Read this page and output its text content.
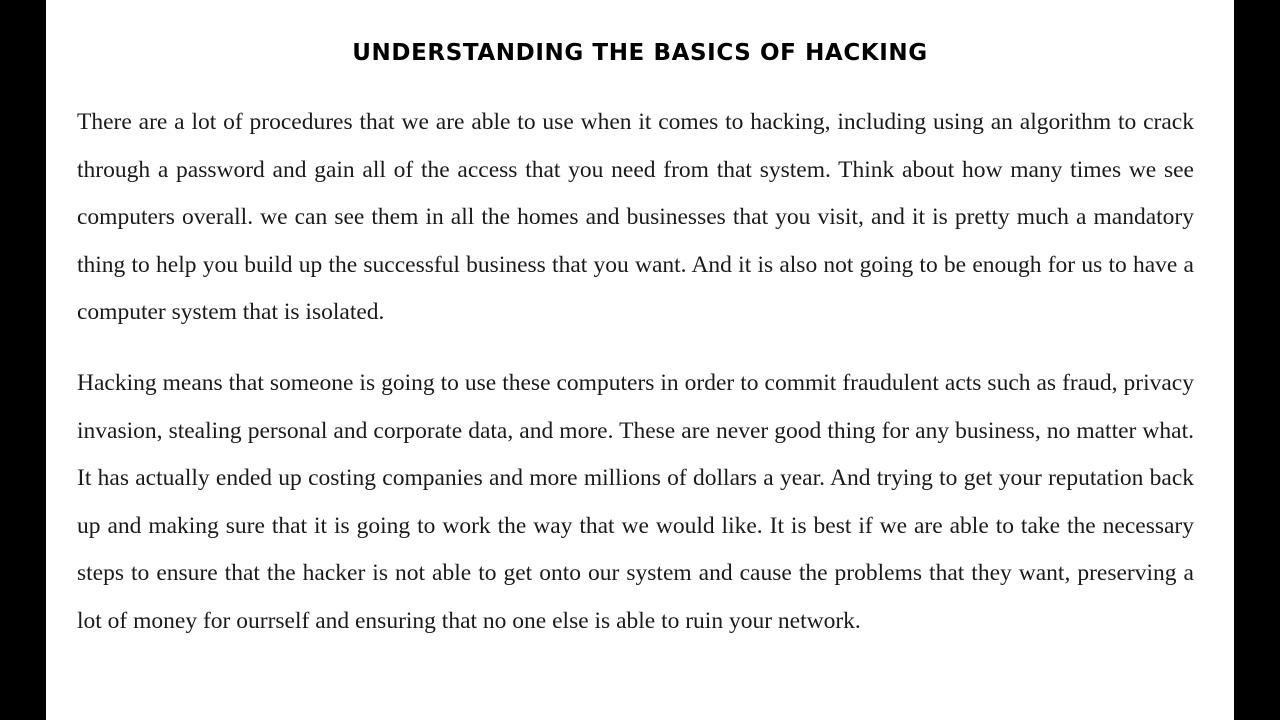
UNDERSTANDING THE BASICS OF HACKING

There are a lot of procedures that we are able to use when it comes to hacking, including using an algorithm to crack through a password and gain all of the access that you need from that system. Think about how many times we see computers overall. we can see them in all the homes and businesses that you visit, and it is pretty much a mandatory thing to help you build up the successful business that you want. And it is also not going to be enough for us to have a computer system that is isolated.

Hacking means that someone is going to use these computers in order to commit fraudulent acts such as fraud, privacy invasion, stealing personal and corporate data, and more. These are never good thing for any business, no matter what. It has actually ended up costing companies and more millions of dollars a year. And trying to get your reputation back up and making sure that it is going to work the way that we would like. It is best if we are able to take the necessary steps to ensure that the hacker is not able to get onto our system and cause the problems that they want, preserving a lot of money for ourrself and ensuring that no one else is able to ruin your network.
